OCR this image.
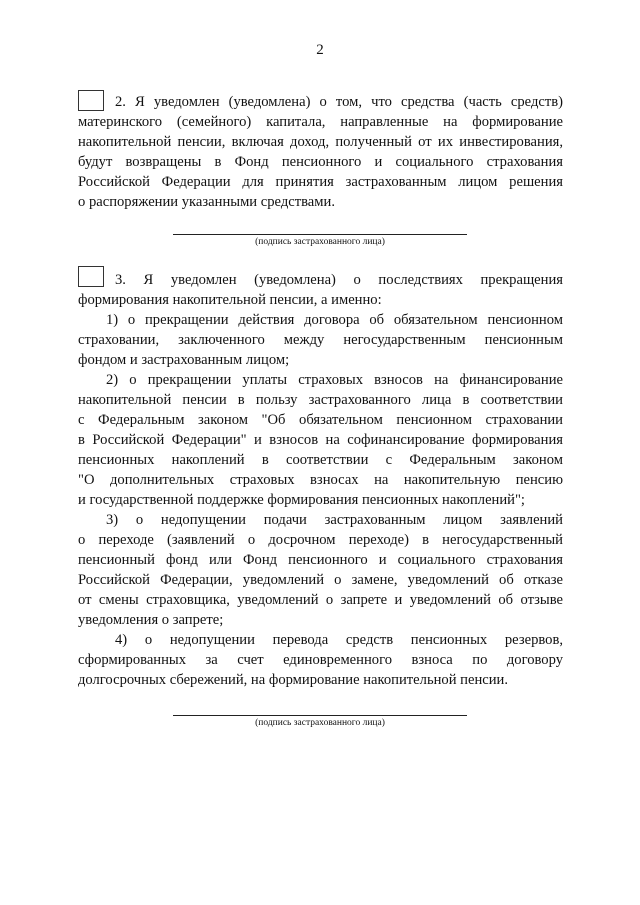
2
2. Я уведомлен (уведомлена) о том, что средства (часть средств)
материнского (семейного) капитала, направленные на формирование
накопительной пенсии, включая доход, полученный от их инвестирования,
будут возвращены в Фонд пенсионного и социального страхования
Российской Федерации для принятия застрахованным лицом решения
о распоряжении указанными средствами.
(подпись застрахованного лица)
3. Я уведомлен (уведомлена) о последствиях прекращения
формирования накопительной пенсии, а именно:
1) о прекращении действия договора об обязательном пенсионном
страховании, заключенного между негосударственным пенсионным
фондом и застрахованным лицом;
2) о прекращении уплаты страховых взносов на финансирование
накопительной пенсии в пользу застрахованного лица в соответствии
с Федеральным законом "Об обязательном пенсионном страховании
в Российской Федерации" и взносов на софинансирование формирования
пенсионных накоплений в соответствии с Федеральным законом
"О дополнительных страховых взносах на накопительную пенсию
и государственной поддержке формирования пенсионных накоплений";
3) о недопущении подачи застрахованным лицом заявлений
о переходе (заявлений о досрочном переходе) в негосударственный
пенсионный фонд или Фонд пенсионного и социального страхования
Российской Федерации, уведомлений о замене, уведомлений об отказе
от смены страховщика, уведомлений о запрете и уведомлений об отзыве
уведомления о запрете;
4) о недопущении перевода средств пенсионных резервов,
сформированных за счет единовременного взноса по договору
долгосрочных сбережений, на формирование накопительной пенсии.
(подпись застрахованного лица)
